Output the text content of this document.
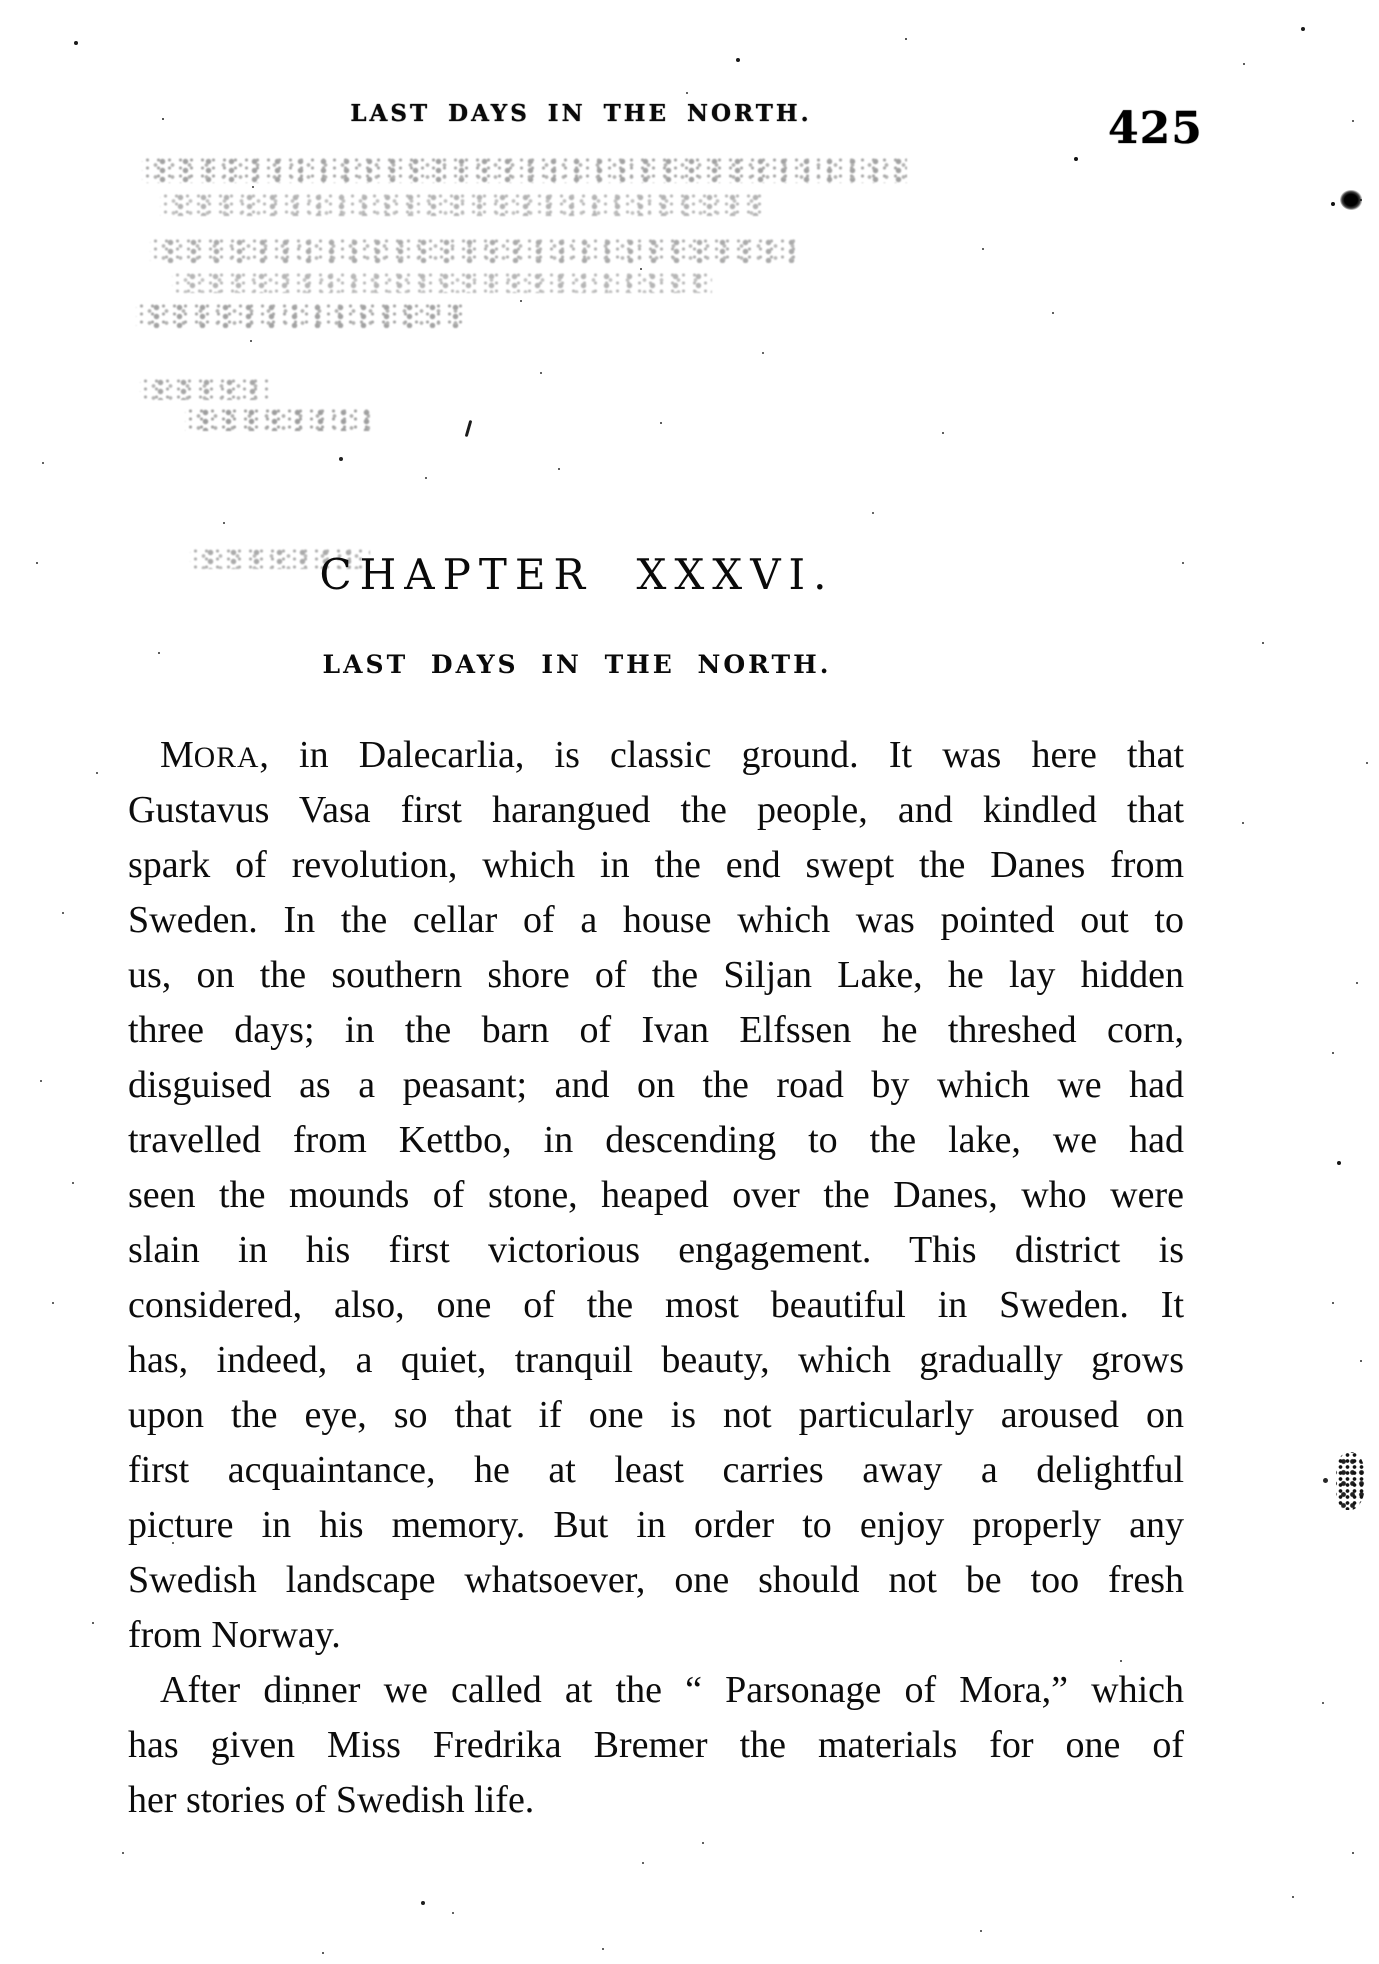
LAST DAYS IN THE NORTH.	425
CHAPTER XXXVI.
LAST DAYS IN THE NORTH.
MORA, in Dalecarlia, is classic ground. It was here that
Gustavus Vasa first harangued the people, and kindled that
spark of revolution, which in the end swept the Danes from
Sweden. In the cellar of a house which was pointed out to
us, on the southern shore of the Siljan Lake, he lay hidden
three days; in the barn of Ivan Elfssen he threshed corn,
disguised as a peasant; and on the road by which we had
travelled from Kettbo, in descending to the lake, we had
seen the mounds of stone, heaped over the Danes, who were
slain in his first victorious engagement. This district is
considered, also, one of the most beautiful in Sweden. It
has, indeed, a quiet, tranquil beauty, which gradually grows
upon the eye, so that if one is not particularly aroused on
first acquaintance, he at least carries away a delightful
picture in his memory. But in order to enjoy properly any
Swedish landscape whatsoever, one should not be too fresh
from Norway.
After dinner we called at the “ Parsonage of Mora,” which
has given Miss Fredrika Bremer the materials for one of
her stories of Swedish life.
